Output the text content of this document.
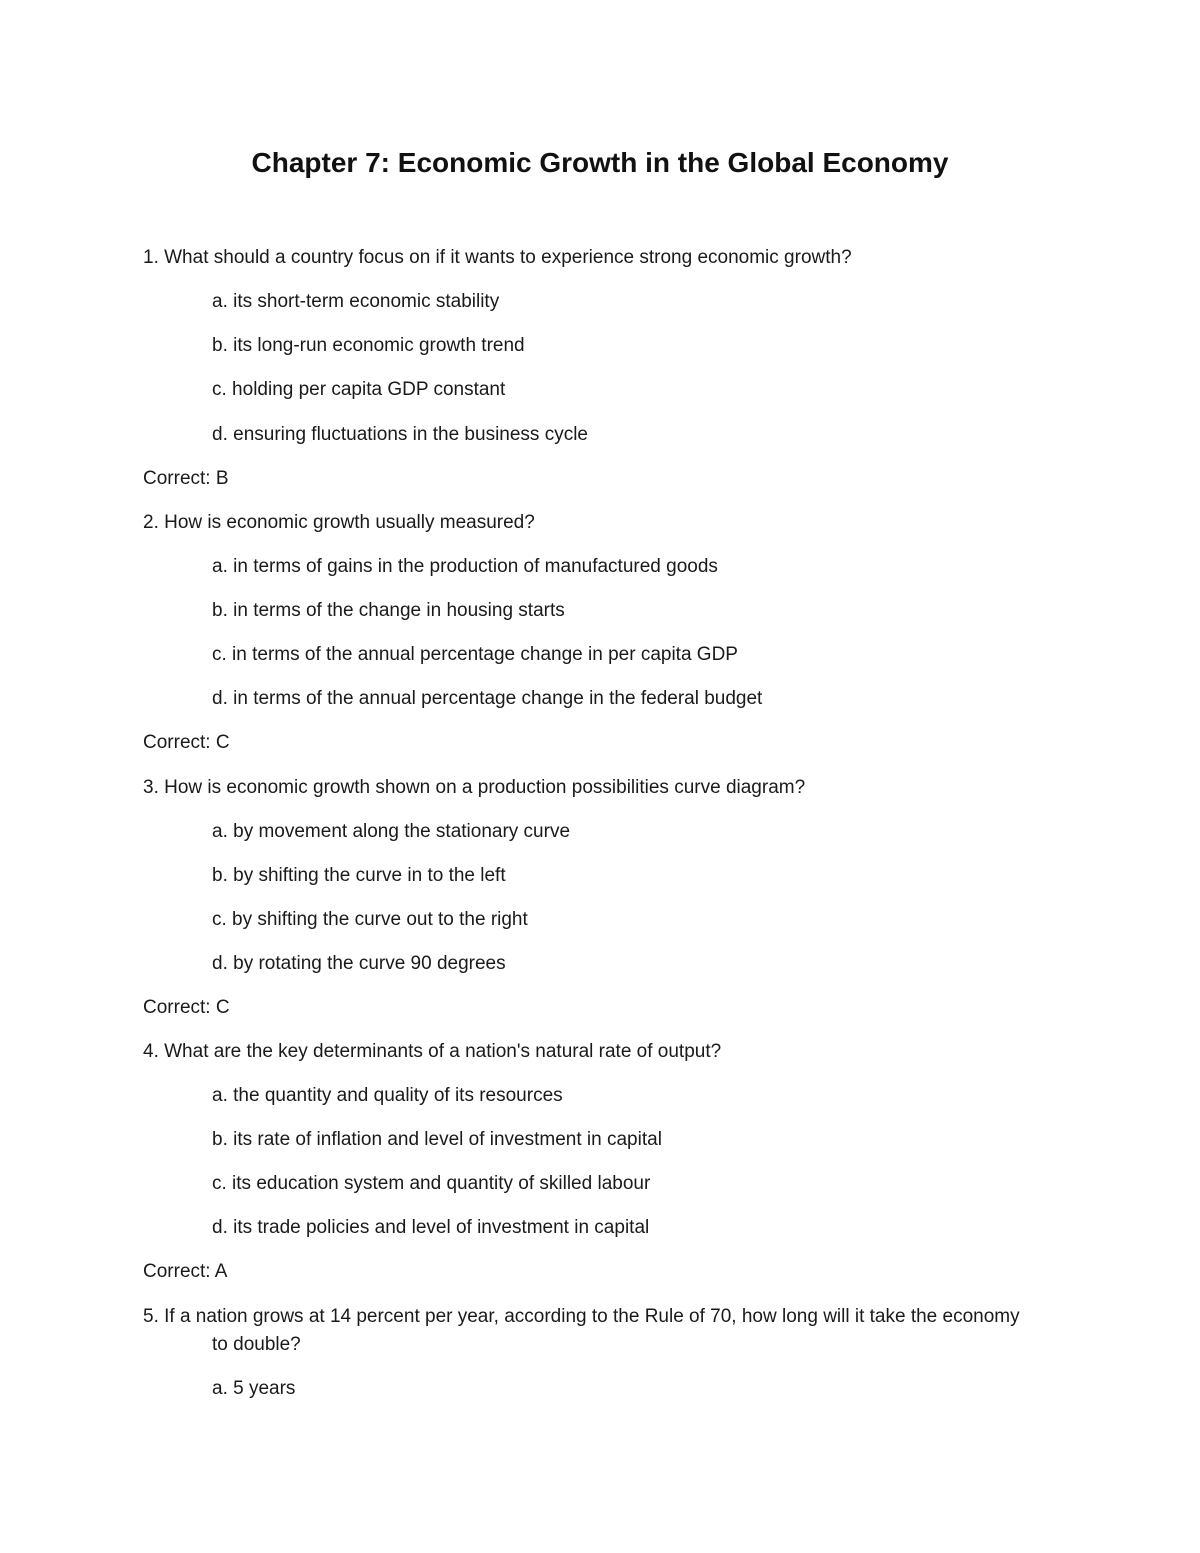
Chapter 7: Economic Growth in the Global Economy
1. What should a country focus on if it wants to experience strong economic growth?
a. its short-term economic stability
b. its long-run economic growth trend
c. holding per capita GDP constant
d. ensuring fluctuations in the business cycle
Correct: B
2. How is economic growth usually measured?
a. in terms of gains in the production of manufactured goods
b. in terms of the change in housing starts
c. in terms of the annual percentage change in per capita GDP
d. in terms of the annual percentage change in the federal budget
Correct: C
3. How is economic growth shown on a production possibilities curve diagram?
a. by movement along the stationary curve
b. by shifting the curve in to the left
c. by shifting the curve out to the right
d. by rotating the curve 90 degrees
Correct: C
4. What are the key determinants of a nation's natural rate of output?
a. the quantity and quality of its resources
b. its rate of inflation and level of investment in capital
c. its education system and quantity of skilled labour
d. its trade policies and level of investment in capital
Correct: A
5. If a nation grows at 14 percent per year, according to the Rule of 70, how long will it take the economy
to double?
a. 5 years
